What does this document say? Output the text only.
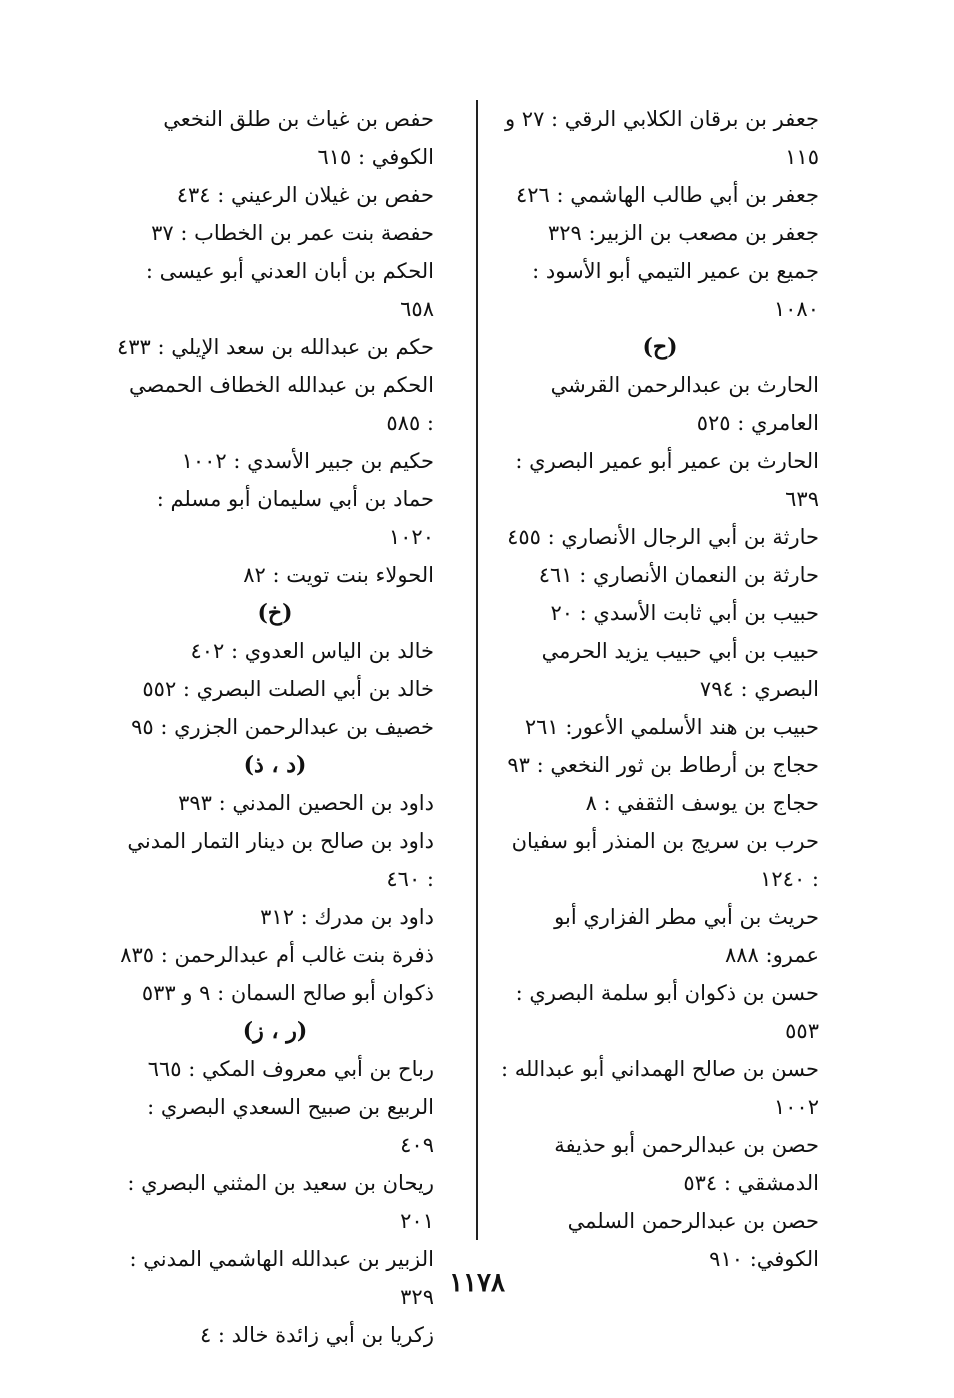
جعفر بن برقان الكلابي الرقي : ٢٧ و ١١٥
جعفر بن أبي طالب الهاشمي : ٤٢٦
جعفر بن مصعب بن الزبير: ٣٢٩
جميع بن عمير التيمي أبو الأسود : ١٠٨٠
(ح)
الحارث بن عبدالرحمن القرشي العامري : ٥٢٥
الحارث بن عمير أبو عمير البصري : ٦٣٩
حارثة بن أبي الرجال الأنصاري : ٤٥٥
حارثة بن النعمان الأنصاري : ٤٦١
حبيب بن أبي ثابت الأسدي : ٢٠
حبيب بن أبي حبيب يزيد الحرمي البصري : ٧٩٤
حبيب بن هند الأسلمي الأعور: ٢٦١
حجاج بن أرطاط بن ثور النخعي : ٩٣
حجاج بن يوسف الثقفي : ٨
حرب بن سريج بن المنذر أبو سفيان : ١٢٤٠
حريث بن أبي مطر الفزاري أبو عمرو: ٨٨٨
حسن بن ذكوان أبو سلمة البصري : ٥٥٣
حسن بن صالح الهمداني أبو عبدالله : ١٠٠٢
حصن بن عبدالرحمن أبو حذيفة الدمشقي : ٥٣٤
حصن بن عبدالرحمن السلمي الكوفي: ٩١٠
حفص بن غياث بن طلق النخعي الكوفي : ٦١٥
حفص بن غيلان الرعيني : ٤٣٤
حفصة بنت عمر بن الخطاب : ٣٧
الحكم بن أبان العدني أبو عيسى : ٦٥٨
حكم بن عبدالله بن سعد الإيلي : ٤٣٣
الحكم بن عبدالله الخطاف الحمصي : ٥٨٥
حكيم بن جبير الأسدي : ١٠٠٢
حماد بن أبي سليمان أبو مسلم : ١٠٢٠
الحولاء بنت تويت : ٨٢
(خ)
خالد بن الياس العدوي : ٤٠٢
خالد بن أبي الصلت البصري : ٥٥٢
خصيف بن عبدالرحمن الجزري : ٩٥
(د ، ذ)
داود بن الحصين المدني : ٣٩٣
داود بن صالح بن دينار التمار المدني : ٤٦٠
داود بن مدرك : ٣١٢
ذفرة بنت غالب أم عبدالرحمن : ٨٣٥
ذكوان أبو صالح السمان : ٩ و ٥٣٣
(ر ، ز)
رباح بن أبي معروف المكي : ٦٦٥
الربيع بن صبيح السعدي البصري : ٤٠٩
ريحان بن سعيد بن المثني البصري : ٢٠١
الزبير بن عبدالله الهاشمي المدني : ٣٢٩
زكريا بن أبي زائدة خالد : ٤
١١٧٨
